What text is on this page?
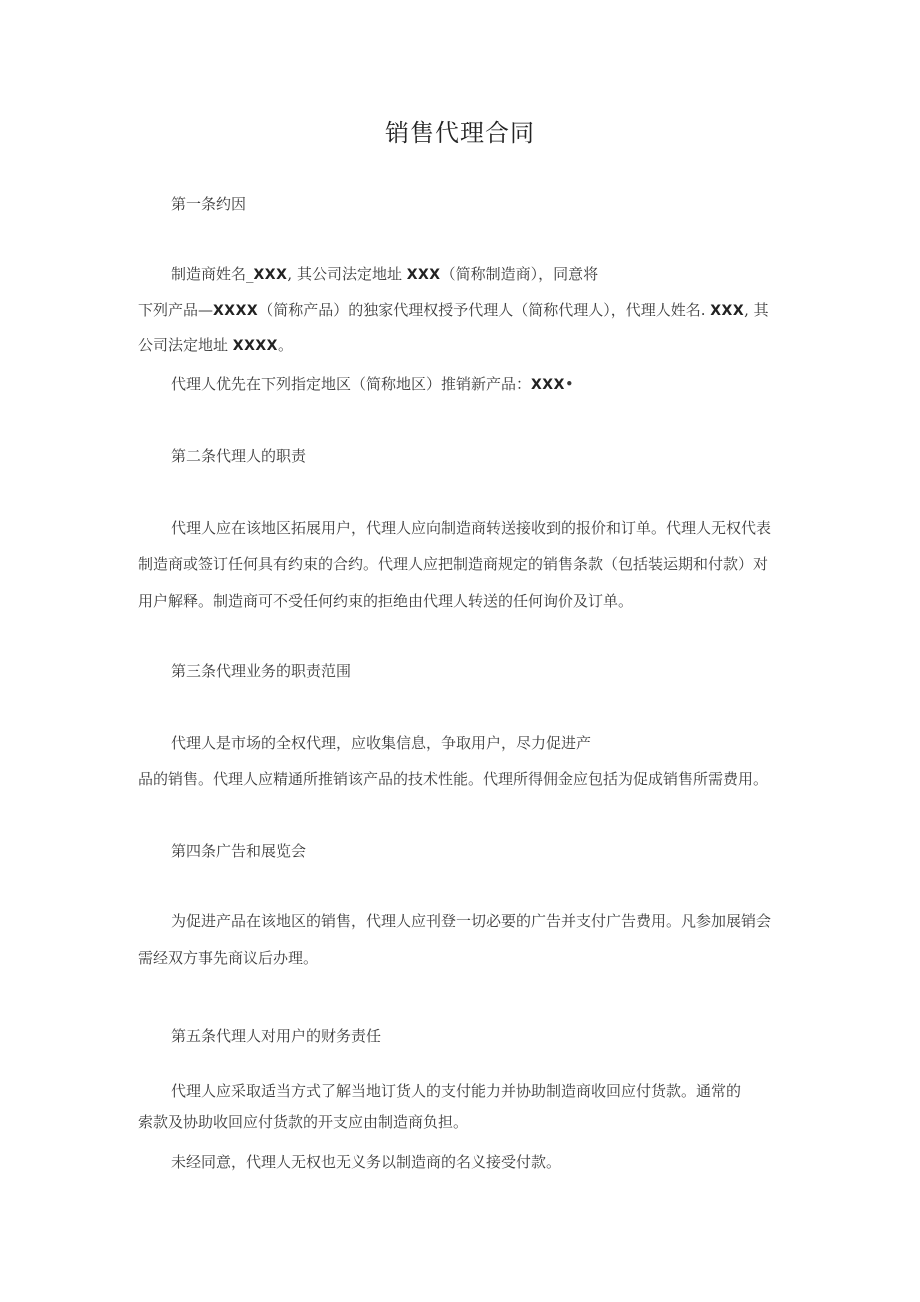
销售代理合同
第一条约因
制造商姓名_XXX, 其公司法定地址 XXX（简称制造商），同意将
下列产品—XXXX（简称产品）的独家代理权授予代理人（简称代理人），代理人姓名. XXX, 其
公司法定地址 XXXX。
代理人优先在下列指定地区（简称地区）推销新产品：XXX•
第二条代理人的职责
代理人应在该地区拓展用户，代理人应向制造商转送接收到的报价和订单。代理人无权代表
制造商或签订任何具有约束的合约。代理人应把制造商规定的销售条款（包括装运期和付款）对
用户解释。制造商可不受任何约束的拒绝由代理人转送的任何询价及订单。
第三条代理业务的职责范围
代理人是市场的全权代理，应收集信息，争取用户，尽力促进产
品的销售。代理人应精通所推销该产品的技术性能。代理所得佣金应包括为促成销售所需费用。
第四条广告和展览会
为促进产品在该地区的销售，代理人应刊登一切必要的广告并支付广告费用。凡参加展销会
需经双方事先商议后办理。
第五条代理人对用户的财务责任
代理人应采取适当方式了解当地订货人的支付能力并协助制造商收回应付货款。通常的
索款及协助收回应付货款的开支应由制造商负担。
未经同意，代理人无权也无义务以制造商的名义接受付款。
